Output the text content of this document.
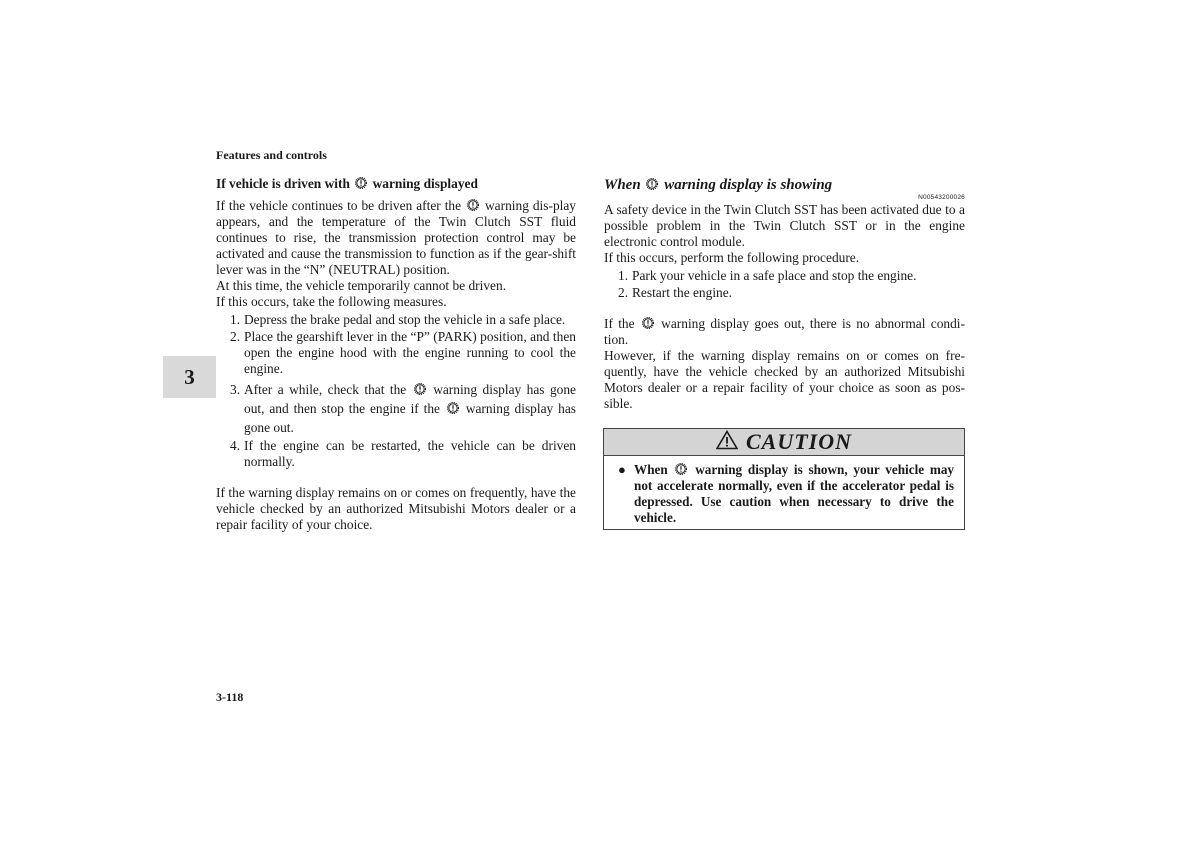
Features and controls
3
If vehicle is driven with warning displayed

If the vehicle continues to be driven after the warning dis-play appears, and the temperature of the Twin Clutch SST fluid continues to rise, the transmission protection control may be activated and cause the transmission to function as if the gear-shift lever was in the “N” (NEUTRAL) position.

At this time, the vehicle temporarily cannot be driven.

If this occurs, take the following measures.

1. Depress the brake pedal and stop the vehicle in a safe place.
2. Place the gearshift lever in the “P” (PARK) position, and then open the engine hood with the engine running to cool the engine.
3. After a while, check that the warning display has gone out, and then stop the engine if the warning display has gone out.
4. If the engine can be restarted, the vehicle can be driven normally.

If the warning display remains on or comes on frequently, have the vehicle checked by an authorized Mitsubishi Motors dealer or a repair facility of your choice.

When warning display is showing
N00543200026

A safety device in the Twin Clutch SST has been activated due to a possible problem in the Twin Clutch SST or in the engine electronic control module.

If this occurs, perform the following procedure.

1. Park your vehicle in a safe place and stop the engine.
2. Restart the engine.

If the warning display goes out, there is no abnormal condi-tion.

However, if the warning display remains on or comes on fre-quently, have the vehicle checked by an authorized Mitsubishi Motors dealer or a repair facility of your choice as soon as pos-sible.

CAUTION
● When warning display is shown, your vehicle may not accelerate normally, even if the accelerator pedal is depressed. Use caution when necessary to drive the vehicle.
3-118
